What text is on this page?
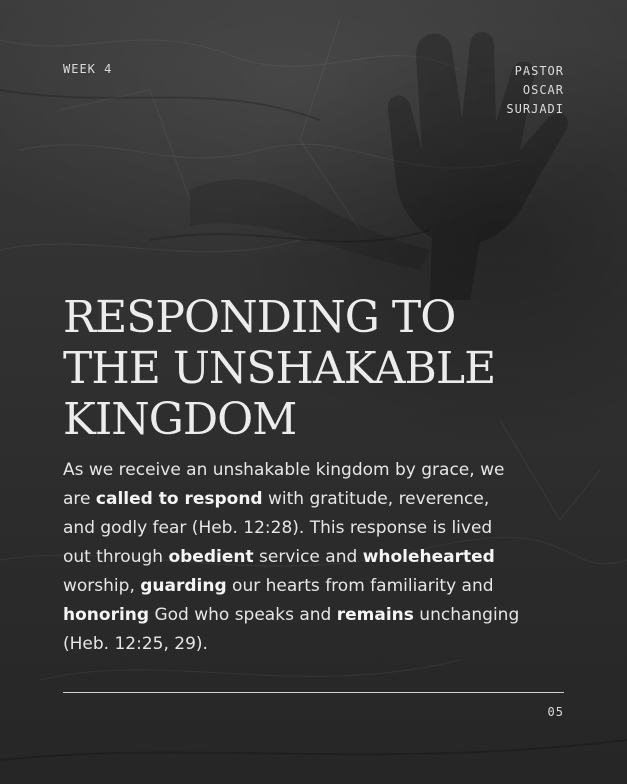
WEEK 4	PASTOR
OSCAR
SURJADI
RESPONDING TO
THE UNSHAKABLE
KINGDOM
As we receive an unshakable kingdom by grace, we
are called to respond with gratitude, reverence,
and godly fear (Heb. 12:28). This response is lived
out through obedient service and wholehearted
worship, guarding our hearts from familiarity and
honoring God who speaks and remains unchanging
(Heb. 12:25, 29).
05
